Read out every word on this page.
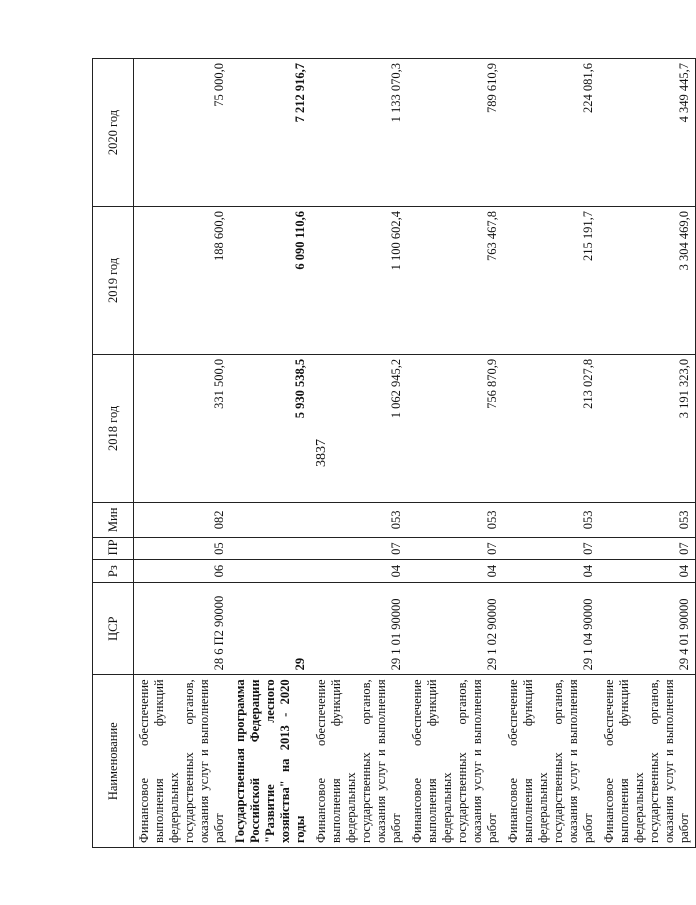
3837
Наименование	ЦСР	Рз	ПР	Мин	2018 год	2019 год	2020 год
Финансовое обеспечение выполнения функций федеральных государственных органов, оказания услуг и выполнения работ	28 6 П2 90000	06	05	082	331 500,0	188 600,0	75 000,0
Государственная программа Российской Федерации "Развитие лесного хозяйства" на 2013 - 2020 годы	29				5 930 538,5	6 090 110,6	7 212 916,7
Финансовое обеспечение выполнения функций федеральных государственных органов, оказания услуг и выполнения работ	29 1 01 90000	04	07	053	1 062 945,2	1 100 602,4	1 133 070,3
Финансовое обеспечение выполнения функций федеральных государственных органов, оказания услуг и выполнения работ	29 1 02 90000	04	07	053	756 870,9	763 467,8	789 610,9
Финансовое обеспечение выполнения функций федеральных государственных органов, оказания услуг и выполнения работ	29 1 04 90000	04	07	053	213 027,8	215 191,7	224 081,6
Финансовое обеспечение выполнения функций федеральных государственных органов, оказания услуг и выполнения работ	29 4 01 90000	04	07	053	3 191 323,0	3 304 469,0	4 349 445,7
